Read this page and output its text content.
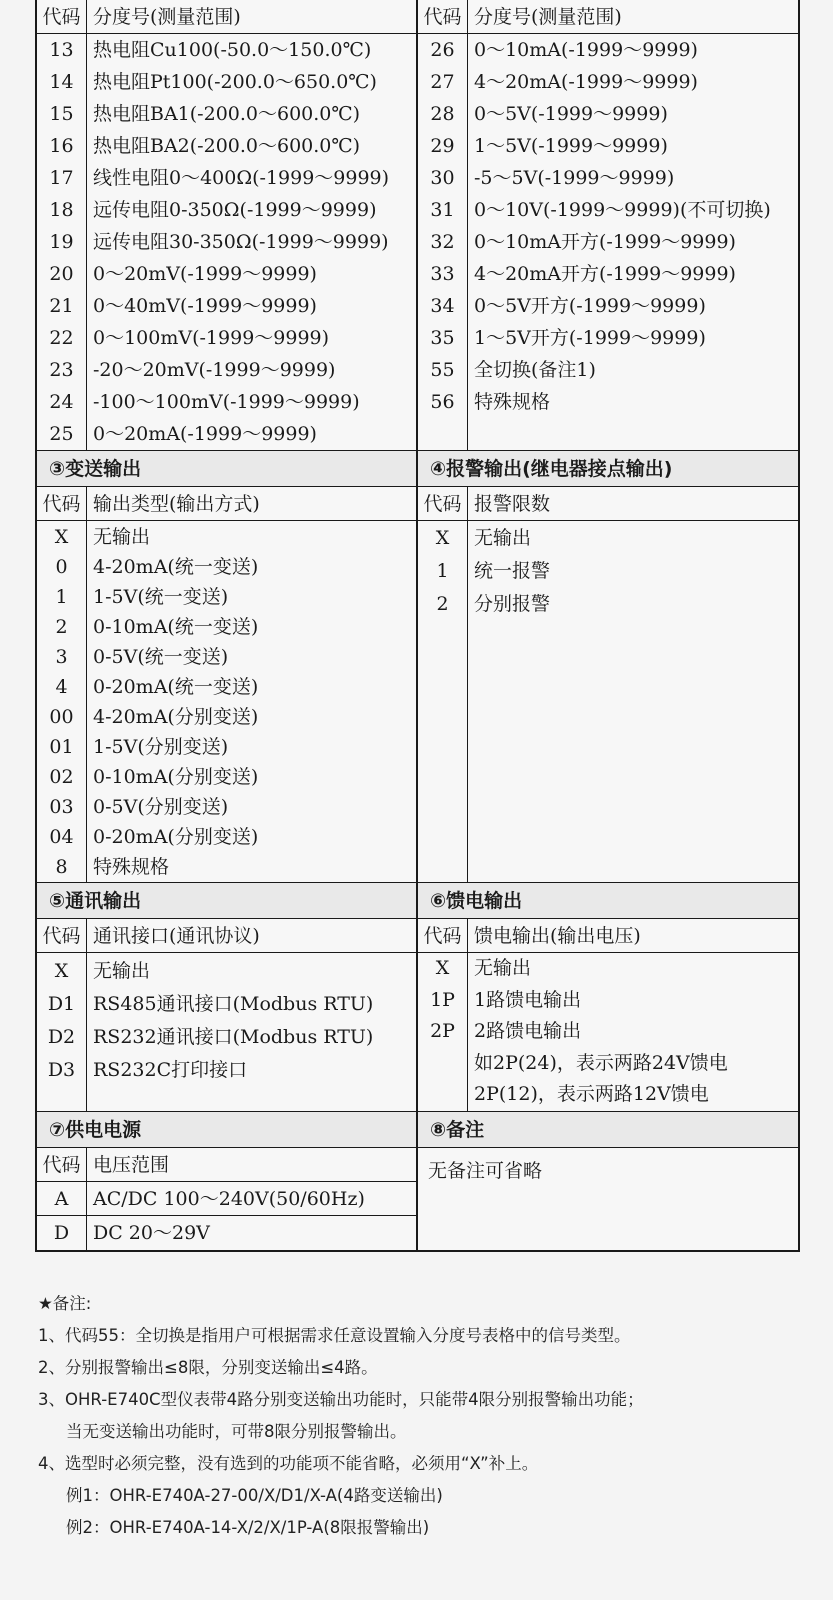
代码 分度号(测量范围)
13
14
15
16
17
18
19
20
21
22
23
24
25
热电阻Cu100(-50.0～150.0℃)
热电阻Pt100(-200.0～650.0℃)
热电阻BA1(-200.0～600.0℃)
热电阻BA2(-200.0～600.0℃)
线性电阻0～400Ω(-1999～9999)
远传电阻0-350Ω(-1999～9999)
远传电阻30-350Ω(-1999～9999)
0～20mV(-1999～9999)
0～40mV(-1999～9999)
0～100mV(-1999～9999)
-20～20mV(-1999～9999)
-100～100mV(-1999～9999)
0～20mA(-1999～9999)
代码 分度号(测量范围)
26
27
28
29
30
31
32
33
34
35
55
56
0～10mA(-1999～9999)
4～20mA(-1999～9999)
0～5V(-1999～9999)
1～5V(-1999～9999)
-5～5V(-1999～9999)
0～10V(-1999～9999)(不可切换)
0～10mA开方(-1999～9999)
4～20mA开方(-1999～9999)
0～5V开方(-1999～9999)
1～5V开方(-1999～9999)
全切换(备注1)
特殊规格
③变送输出
代码 输出类型(输出方式)
X
0
1
2
3
4
00
01
02
03
04
8
无输出
4-20mA(统一变送)
1-5V(统一变送)
0-10mA(统一变送)
0-5V(统一变送)
0-20mA(统一变送)
4-20mA(分别变送)
1-5V(分别变送)
0-10mA(分别变送)
0-5V(分别变送)
0-20mA(分别变送)
特殊规格
④报警输出(继电器接点输出)
代码 报警限数
X
1
2
无输出
统一报警
分别报警
⑤通讯输出
代码 通讯接口(通讯协议)
X
D1
D2
D3
无输出
RS485通讯接口(Modbus RTU)
RS232通讯接口(Modbus RTU)
RS232C打印接口
⑥馈电输出
代码 馈电输出(输出电压)
X
1P
2P
无输出
1路馈电输出
2路馈电输出
如2P(24)，表示两路24V馈电
2P(12)，表示两路12V馈电
⑦供电电源
代码 电压范围
A	AC/DC 100～240V(50/60Hz)
D	DC 20～29V
⑧备注
无备注可省略
★备注:
1、代码55：全切换是指用户可根据需求任意设置输入分度号表格中的信号类型。
2、分别报警输出≤8限，分别变送输出≤4路。
3、OHR-E740C型仪表带4路分别变送输出功能时，只能带4限分别报警输出功能；
当无变送输出功能时，可带8限分别报警输出。
4、选型时必须完整，没有选到的功能项不能省略，必须用“X”补上。
例1：OHR-E740A-27-00/X/D1/X-A(4路变送输出)
例2：OHR-E740A-14-X/2/X/1P-A(8限报警输出)
